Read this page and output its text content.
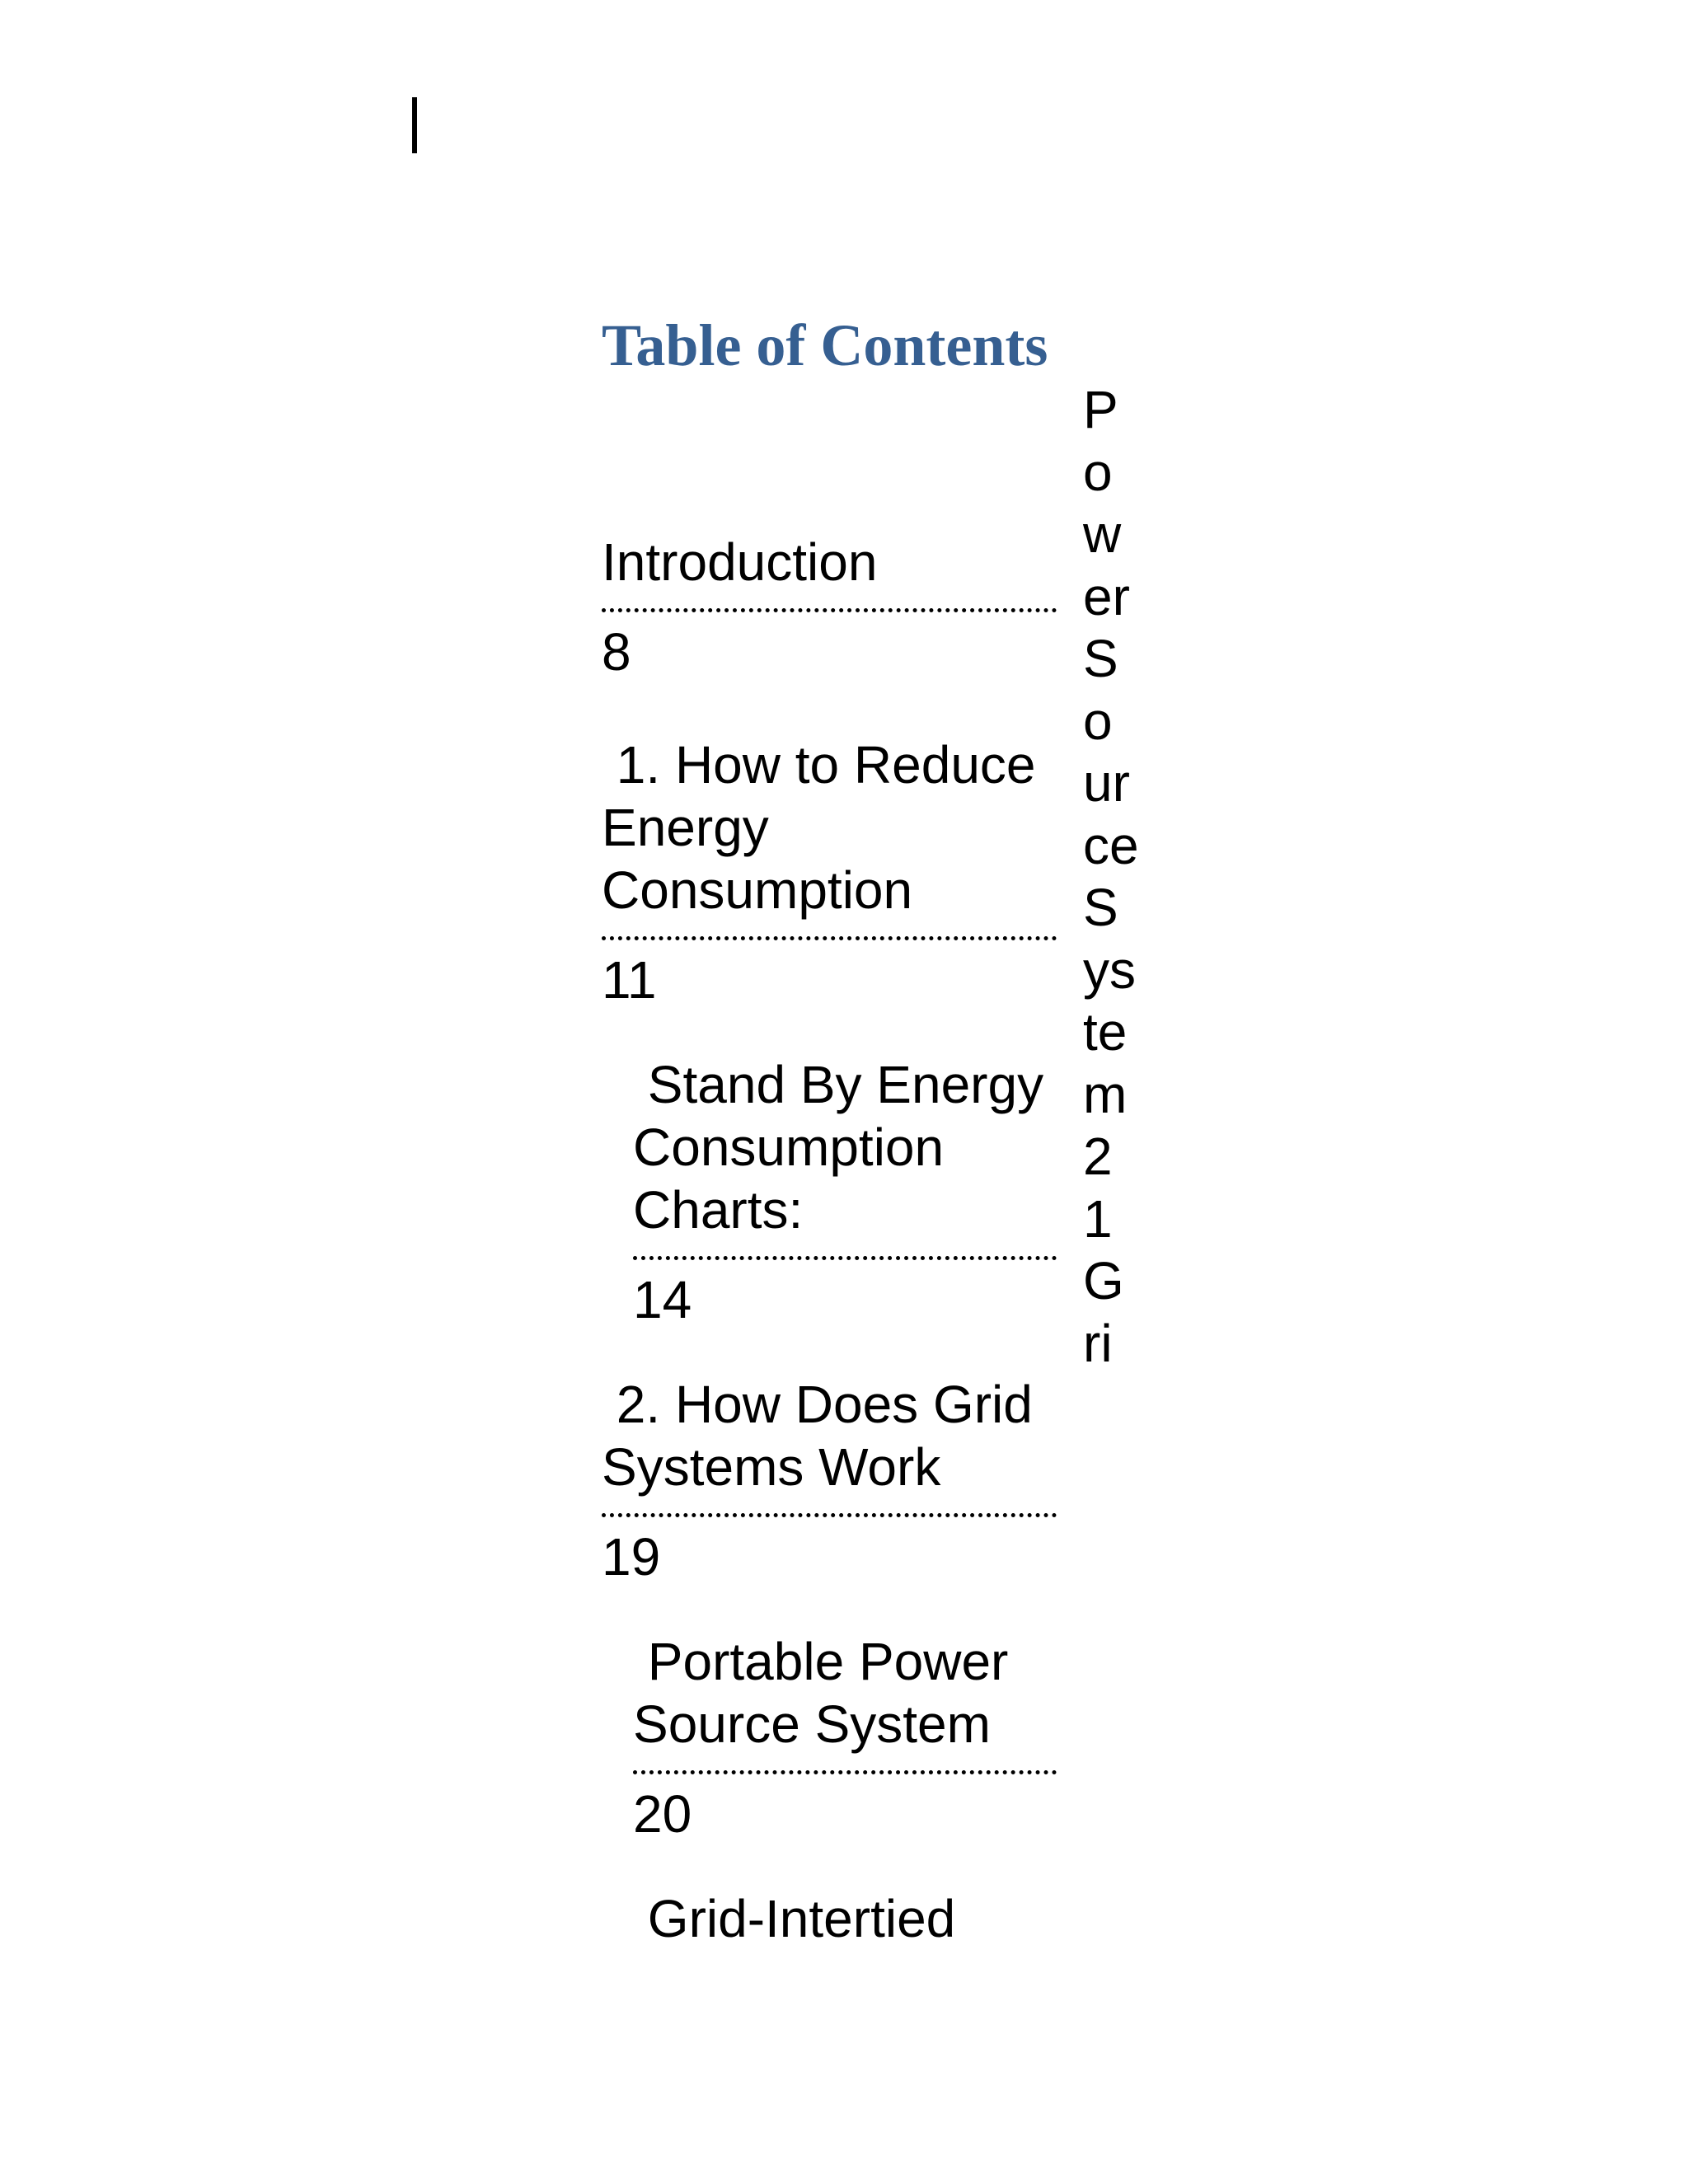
Table of Contents
Introduction
8
1. How to Reduce Energy Consumption
11
Stand By Energy Consumption Charts:
14
2. How Does Grid Systems Work
19
Portable Power Source System
20
Grid-Intertied
Power Source System 21 Gri
